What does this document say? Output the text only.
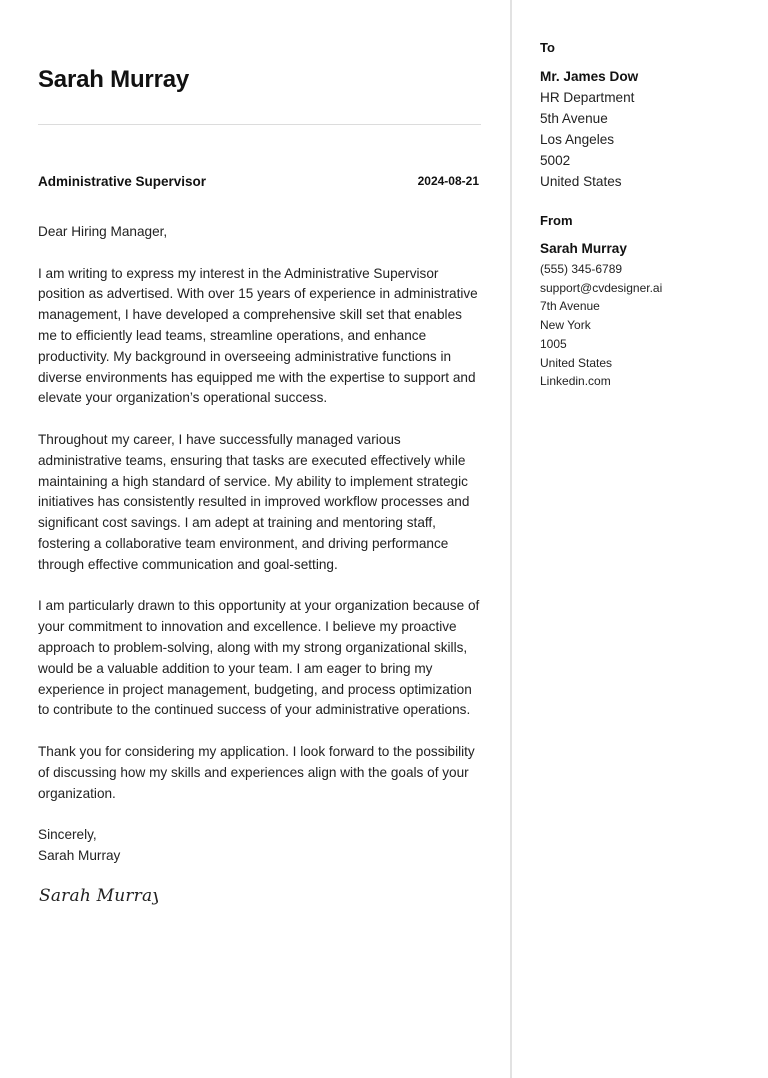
Sarah Murray
Administrative Supervisor	2024-08-21

Dear Hiring Manager,

I am writing to express my interest in the Administrative Supervisor position as advertised. With over 15 years of experience in administrative management, I have developed a comprehensive skill set that enables me to efficiently lead teams, streamline operations, and enhance productivity. My background in overseeing administrative functions in diverse environments has equipped me with the expertise to support and elevate your organization’s operational success.

Throughout my career, I have successfully managed various administrative teams, ensuring that tasks are executed effectively while maintaining a high standard of service. My ability to implement strategic initiatives has consistently resulted in improved workflow processes and significant cost savings. I am adept at training and mentoring staff, fostering a collaborative team environment, and driving performance through effective communication and goal-setting.

I am particularly drawn to this opportunity at your organization because of your commitment to innovation and excellence. I believe my proactive approach to problem-solving, along with my strong organizational skills, would be a valuable addition to your team. I am eager to bring my experience in project management, budgeting, and process optimization to contribute to the continued success of your administrative operations.

Thank you for considering my application. I look forward to the possibility of discussing how my skills and experiences align with the goals of your organization.

Sincerely,
Sarah Murray
Sarah Murray
To
Mr. James Dow
HR Department
5th Avenue
Los Angeles
5002
United States
From
Sarah Murray
(555) 345-6789
support@cvdesigner.ai
7th Avenue
New York
1005
United States
Linkedin.com
